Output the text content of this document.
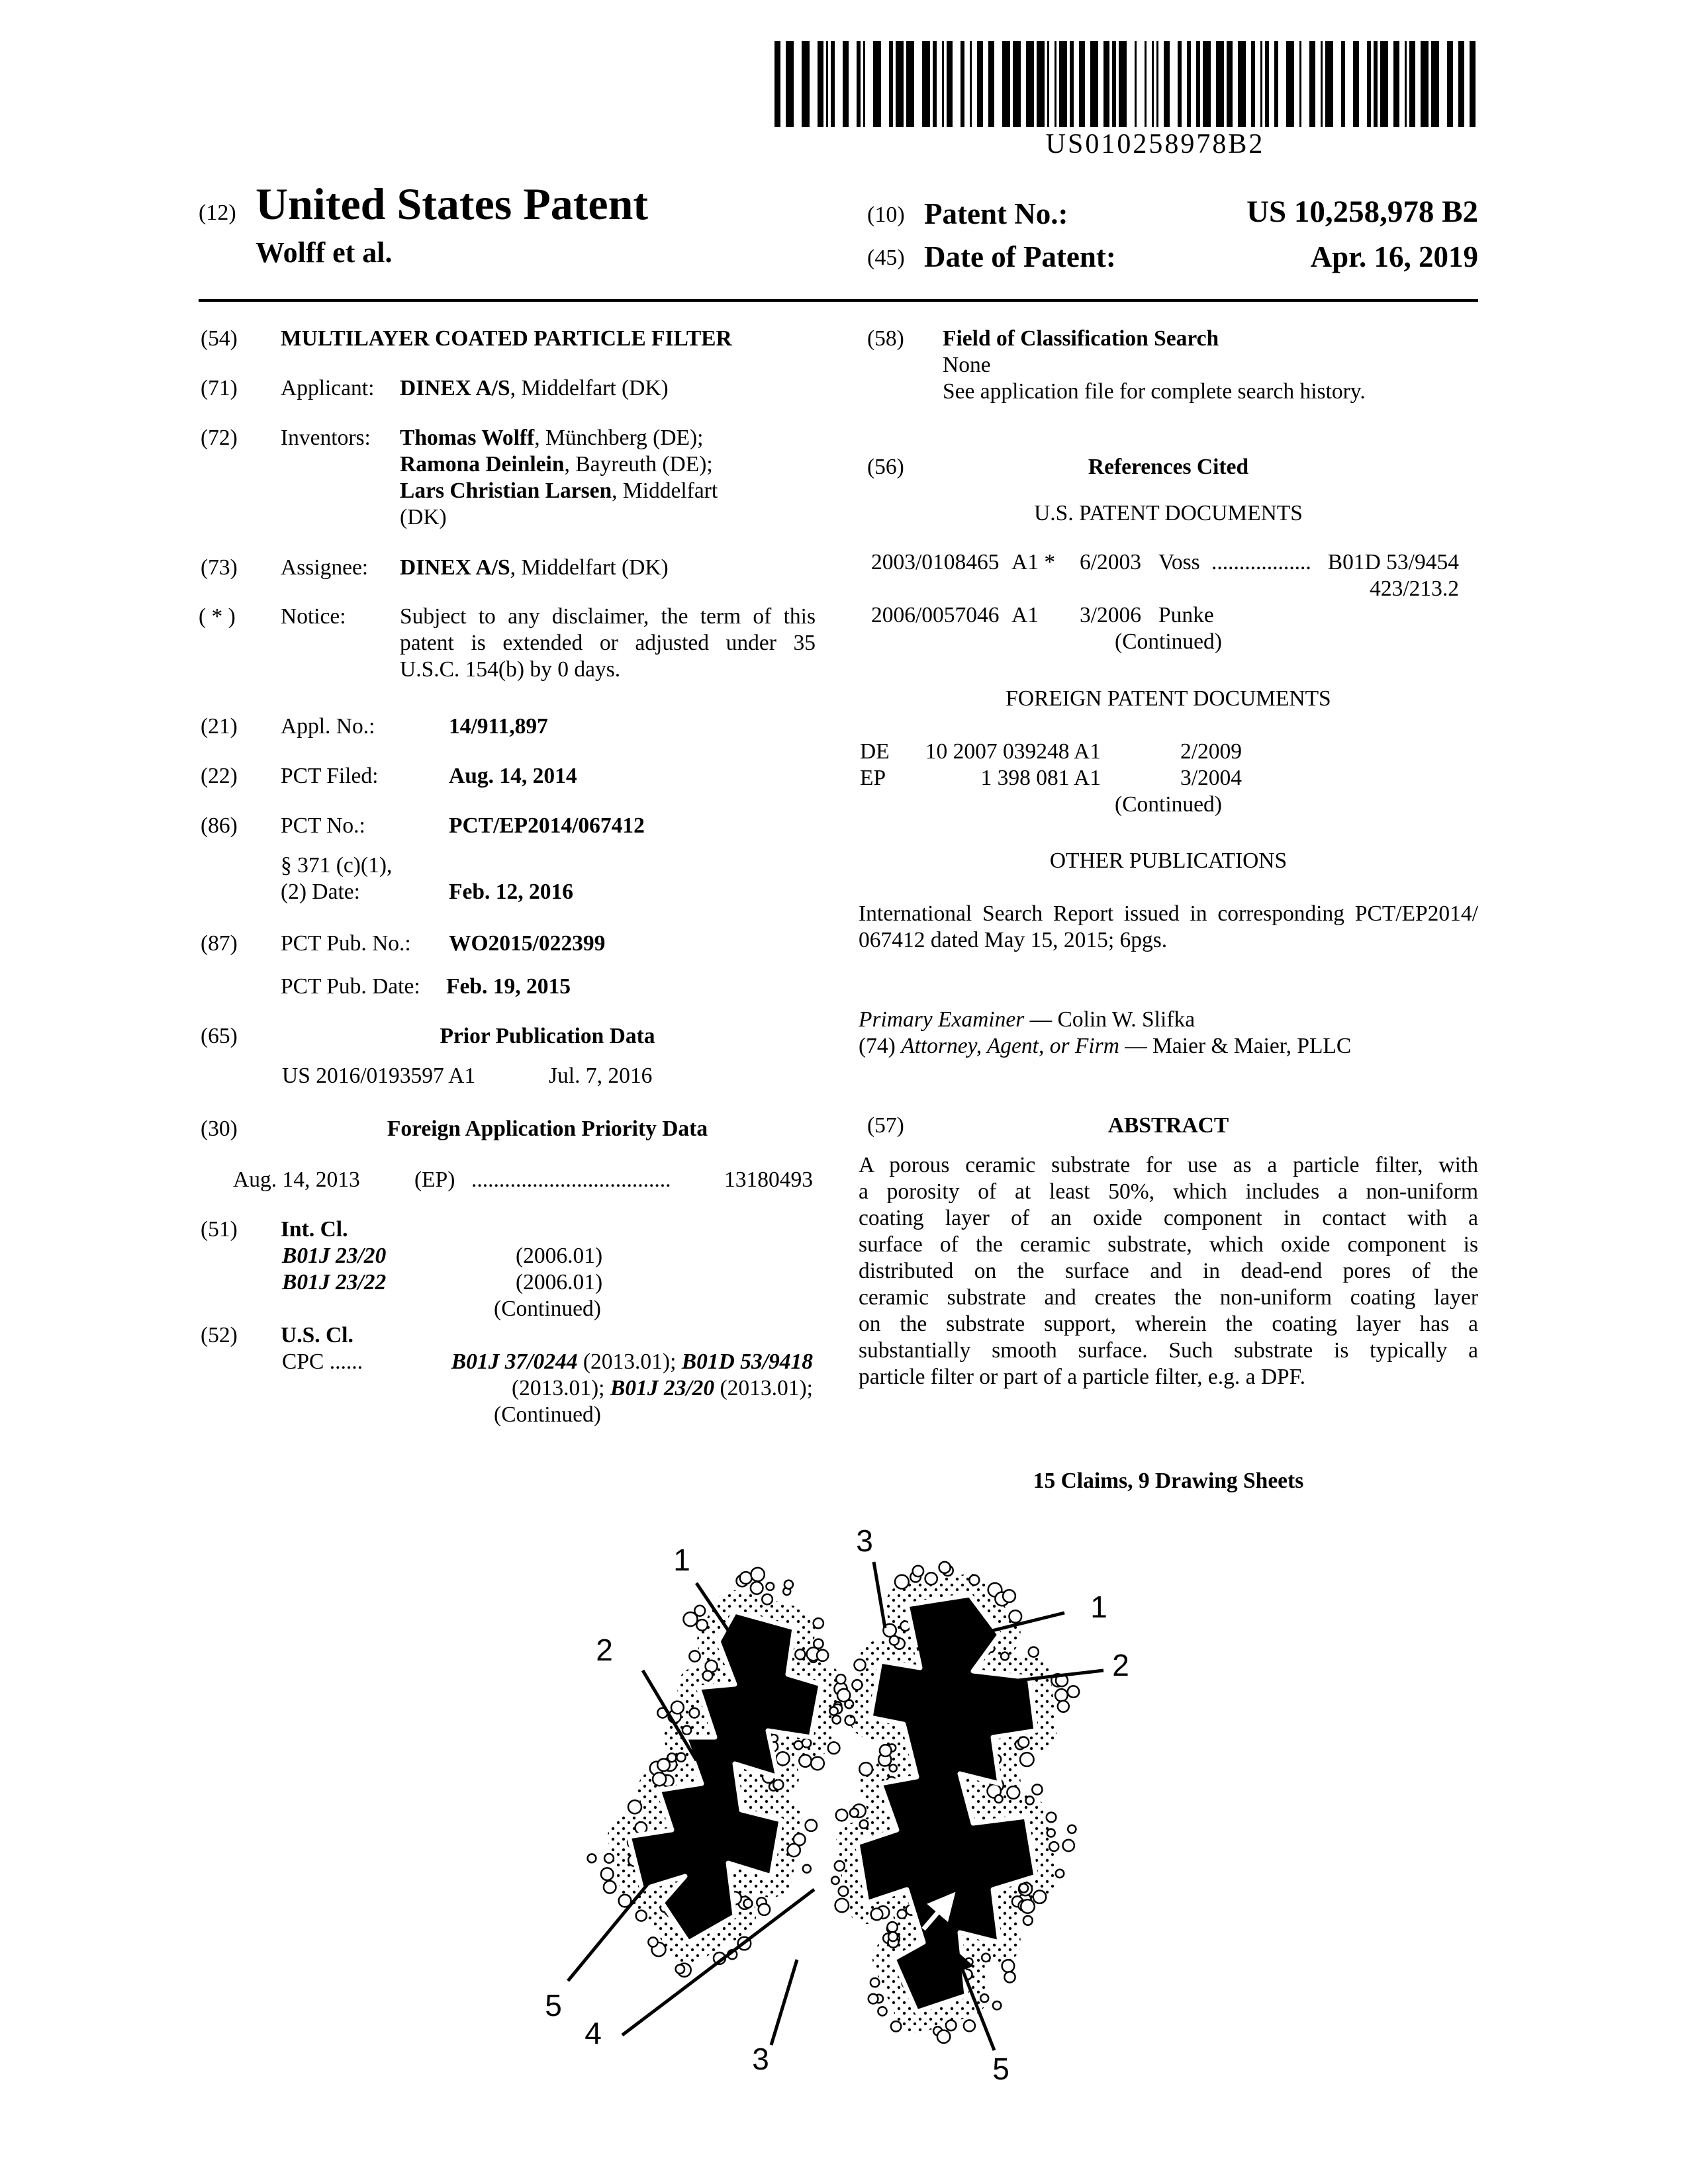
US010258978B2
(12) United States Patent
Wolff et al.
(10) Patent No.:	US 10,258,978 B2
(45) Date of Patent:	Apr. 16, 2019
(54) MULTILAYER COATED PARTICLE FILTER
(71) Applicant: DINEX A/S, Middelfart (DK)
(72) Inventors: Thomas Wolff, Münchberg (DE);
Ramona Deinlein, Bayreuth (DE);
Lars Christian Larsen, Middelfart
(DK)
(73) Assignee: DINEX A/S, Middelfart (DK)
( * ) Notice: Subject to any disclaimer, the term of this
patent is extended or adjusted under 35
U.S.C. 154(b) by 0 days.
(21) Appl. No.:	14/911,897
(22) PCT Filed:	Aug. 14, 2014
(86) PCT No.:	PCT/EP2014/067412
§ 371 (c)(1),
(2) Date:	Feb. 12, 2016
(87) PCT Pub. No.: WO2015/022399
PCT Pub. Date: Feb. 19, 2015
(65)	Prior Publication Data
US 2016/0193597 A1	Jul. 7, 2016
(30)	Foreign Application Priority Data
Aug. 14, 2013 (EP) .................................... 13180493
(51) Int. Cl.
B01J 23/20	(2006.01)
B01J 23/22	(2006.01)
(Continued)
(52) U.S. Cl.
CPC ......	B01J 37/0244 (2013.01); B01D 53/9418
(2013.01); B01J 23/20 (2013.01);
(Continued)
(58) Field of Classification Search
None
See application file for complete search history.
(56)	References Cited
U.S. PATENT DOCUMENTS
2003/0108465 A1 * 6/2003 Voss .................. B01D 53/9454
423/213.2
2006/0057046 A1 3/2006 Punke
(Continued)
FOREIGN PATENT DOCUMENTS
DE 10 2007 039248 A1	2/2009
EP	1 398 081 A1	3/2004
(Continued)
OTHER PUBLICATIONS
International Search Report issued in corresponding PCT/EP2014/
067412 dated May 15, 2015; 6pgs.
Primary Examiner — Colin W. Slifka
(74) Attorney, Agent, or Firm — Maier & Maier, PLLC
(57)	ABSTRACT
A porous ceramic substrate for use as a particle filter, with
a porosity of at least 50%, which includes a non-uniform
coating layer of an oxide component in contact with a
surface of the ceramic substrate, which oxide component is
distributed on the surface and in dead-end pores of the
ceramic substrate and creates the non-uniform coating layer
on the substrate support, wherein the coating layer has a
substantially smooth surface. Such substrate is typically a
particle filter or part of a particle filter, e.g. a DPF.
15 Claims, 9 Drawing Sheets
1
3
1
2
2
5
4
3	5
